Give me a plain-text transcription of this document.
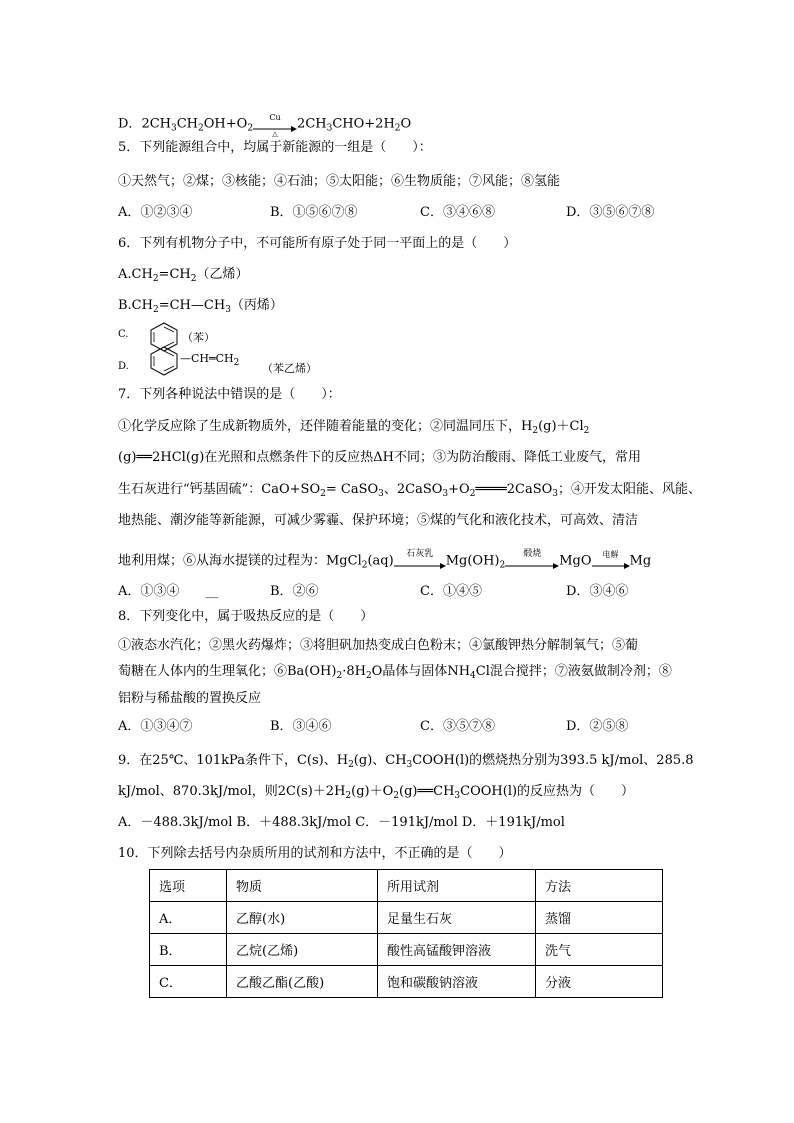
D．$2CH_3CH_2OH+O_2$
Cu
△
$2CH_3CHO+2H_2O$
5．下列能源组合中，均属于新能源的一组是（　　）：
①天然气；②煤；③核能；④石油；⑤太阳能；⑥生物质能；⑦风能；⑧氢能
A．①②③④	B．①⑤⑥⑦⑧	C．③④⑥⑧	D．③⑤⑥⑦⑧
6．下列有机物分子中，不可能所有原子处于同一平面上的是（　　）
$A.CH_2=CH_2$（乙烯）
$B.CH_2=CH—CH_3$（丙烯）
C.	（苯）
D.
$—CH═CH_2$ （苯乙烯）
7．下列各种说法中错误的是（　　）：
①化学反应除了生成新物质外，还伴随着能量的变化；②同温同压下，$H_2(g)+Cl_2$
(g)══2HCl(g)在光照和点燃条件下的反应热ΔH不同；③为防治酸雨、降低工业废气，常用
生石灰进行“钙基固硫”：$CaO+SO_2=$ CaSO$_3$、$2CaSO_3+O_2════2CaSO_3$；④开发太阳能、风能、
地热能、潮汐能等新能源，可减少雾霾、保护环境；⑤煤的气化和液化技术，可高效、清洁
地利用煤；⑥从海水提镁的过程为：MgCl$_2$(aq)	石灰乳 $Mg(OH)_2$
煅烧	MgO	电解 Mg
A．①③④　　__	B．②⑥	C．①④⑤	D．③④⑥
8．下列变化中，属于吸热反应的是（　　）
①液态水汽化；②黑火药爆炸；③将胆矾加热变成白色粉末；④氯酸钾热分解制氧气；⑤葡
萄糖在人体内的生理氧化；$⑥Ba(OH)_2\cdot 8H_2O$晶体与固体$NH_4Cl$混合搅拌；⑦液氨做制冷剂；⑧
铝粉与稀盐酸的置换反应
A．①③④⑦	B．③④⑥	C．③⑤⑦⑧	D．②⑤⑧
9．在25℃、101kPa条件下，C(s)、$H_2(g)$、$CH_3COOH(l)$的燃烧热分别为393.5 kJ/mol、285.8
kJ/mol、870.3kJ/mol，则$2C(s)+2H_2(g)+O_2(g)══CH_3COOH(l)$的反应热为（　　）
A．－488.3kJ/mol B．＋488.3kJ/mol C．－191kJ/mol D．＋191kJ/mol
10．下列除去括号内杂质所用的试剂和方法中，不正确的是（　　）
选项	物质	所用试剂	方法
A．	乙醇(水)	足量生石灰	蒸馏
B．	乙烷(乙烯)	酸性高锰酸钾溶液	洗气
C．	乙酸乙酯(乙酸)	饱和碳酸钠溶液	分液
